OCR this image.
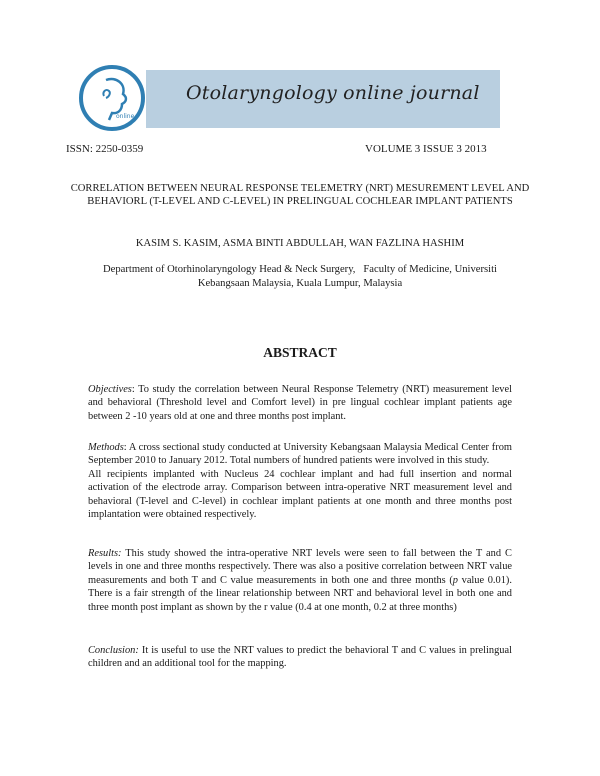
online
Otolaryngology online journal
ISSN: 2250-0359	VOLUME 3 ISSUE 3 2013
CORRELATION BETWEEN NEURAL RESPONSE TELEMETRY (NRT) MESUREMENT LEVEL AND BEHAVIORL (T-LEVEL AND C-LEVEL) IN PRELINGUAL COCHLEAR IMPLANT PATIENTS
KASIM S. KASIM, ASMA BINTI ABDULLAH, WAN FAZLINA HASHIM
Department of Otorhinolaryngology Head & Neck Surgery,   Faculty of Medicine, Universiti
Kebangsaan Malaysia, Kuala Lumpur, Malaysia
ABSTRACT

Objectives: To study the correlation between Neural Response Telemetry (NRT) measurement level and behavioral (Threshold level and Comfort level) in pre lingual cochlear implant patients age between 2 -10 years old at one and three months post implant.

Methods: A cross sectional study conducted at University Kebangsaan Malaysia Medical Center from September 2010 to January 2012. Total numbers of hundred patients were involved in this study.

All recipients implanted with Nucleus 24 cochlear implant and had full insertion and normal activation of the electrode array. Comparison between intra-operative NRT measurement level and behavioral (T-level and C-level) in cochlear implant patients at one month and three months post implantation were obtained respectively.

Results: This study showed the intra-operative NRT levels were seen to fall between the T and C levels in one and three months respectively. There was also a positive correlation between NRT value measurements and both T and C value measurements in both one and three months (p value 0.01). There is a fair strength of the linear relationship between NRT and behavioral level in both one and three month post implant as shown by the r value (0.4 at one month, 0.2 at three months)

Conclusion: It is useful to use the NRT values to predict the behavioral T and C values in prelingual children and an additional tool for the mapping.
